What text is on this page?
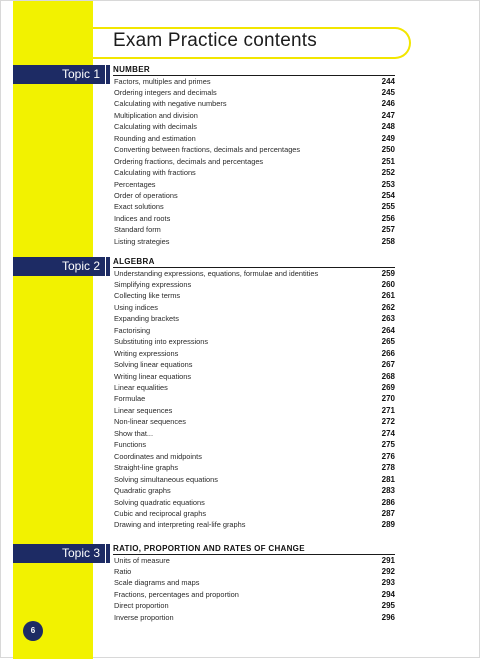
Exam Practice contents
Topic 1	NUMBER
Factors, multiples and primes	244
Ordering integers and decimals	245
Calculating with negative numbers	246
Multiplication and division	247
Calculating with decimals	248
Rounding and estimation	249
Converting between fractions, decimals and percentages	250
Ordering fractions, decimals and percentages	251
Calculating with fractions	252
Percentages	253
Order of operations	254
Exact solutions	255
Indices and roots	256
Standard form	257
Listing strategies	258
Topic 2	ALGEBRA
Understanding expressions, equations, formulae and identities	259
Simplifying expressions	260
Collecting like terms	261
Using indices	262
Expanding brackets	263
Factorising	264
Substituting into expressions	265
Writing expressions	266
Solving linear equations	267
Writing linear equations	268
Linear equalities	269
Formulae	270
Linear sequences	271
Non-linear sequences	272
Show that...	274
Functions	275
Coordinates and midpoints	276
Straight-line graphs	278
Solving simultaneous equations	281
Quadratic graphs	283
Solving quadratic equations	286
Cubic and reciprocal graphs	287
Drawing and interpreting real-life graphs	289
Topic 3	RATIO, PROPORTION AND RATES OF CHANGE
Units of measure	291
Ratio	292
Scale diagrams and maps	293
Fractions, percentages and proportion	294
Direct proportion	295
Inverse proportion	296
6
